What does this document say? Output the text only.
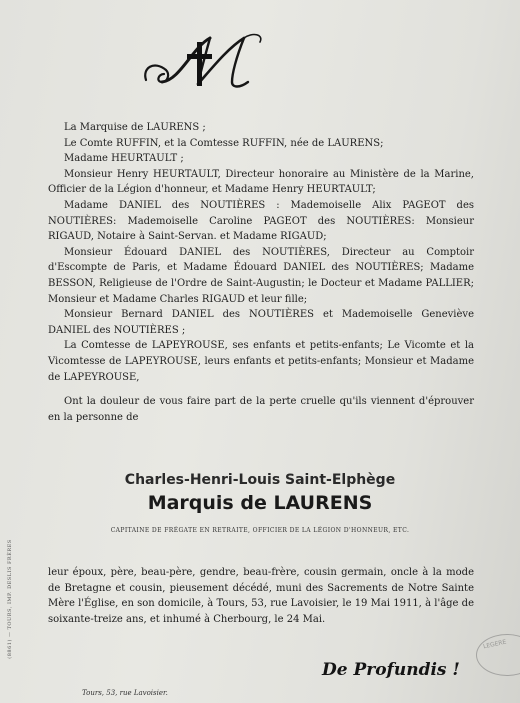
La Marquise de LAURENS ;

Le Comte RUFFIN, et la Comtesse RUFFIN, née de LAURENS;

Madame HEURTAULT ;

Monsieur Henry HEURTAULT, Directeur honoraire au Ministère de la Marine, Officier de la Légion d'honneur, et Madame Henry HEURTAULT;

Madame DANIEL des NOUTIÈRES : Mademoiselle Alix PAGEOT des NOUTIÈRES: Mademoiselle Caroline PAGEOT des NOUTIÈRES: Monsieur RIGAUD, Notaire à Saint-Servan. et Madame RIGAUD;

Monsieur Édouard DANIEL des NOUTIÈRES, Directeur au Comptoir d'Escompte de Paris, et Madame Édouard DANIEL des NOUTIÈRES; Madame BESSON, Religieuse de l'Ordre de Saint-Augustin; le Docteur et Madame PALLIER; Monsieur et Madame Charles RIGAUD et leur fille;

Monsieur Bernard DANIEL des NOUTIÈRES et Mademoiselle Geneviève DANIEL des NOUTIÈRES ;

La Comtesse de LAPEYROUSE, ses enfants et petits-enfants; Le Vicomte et la Vicomtesse de LAPEYROUSE, leurs enfants et petits-enfants; Monsieur et Madame de LAPEYROUSE,

Ont la douleur de vous faire part de la perte cruelle qu'ils viennent d'éprouver en la personne de

Charles-Henri-Louis Saint-Elphège
Marquis de LAURENS
CAPITAINE DE FRÉGATE EN RETRAITE, OFFICIER DE LA LÉGION D'HONNEUR, ETC.

leur époux, père, beau-père, gendre, beau-frère, cousin germain, oncle à la mode de Bretagne et cousin, pieusement décédé, muni des Sacrements de Notre Sainte Mère l'Église, en son domicile, à Tours, 53, rue Lavoisier, le 19 Mai 1911, à l'âge de soixante-treize ans, et inhumé à Cherbourg, le 24 Mai.

De Profundis !
Tours, 53, rue Lavoisier.
(8861) — TOURS, IMP. DESLIS FRÈRES	LEGERE
